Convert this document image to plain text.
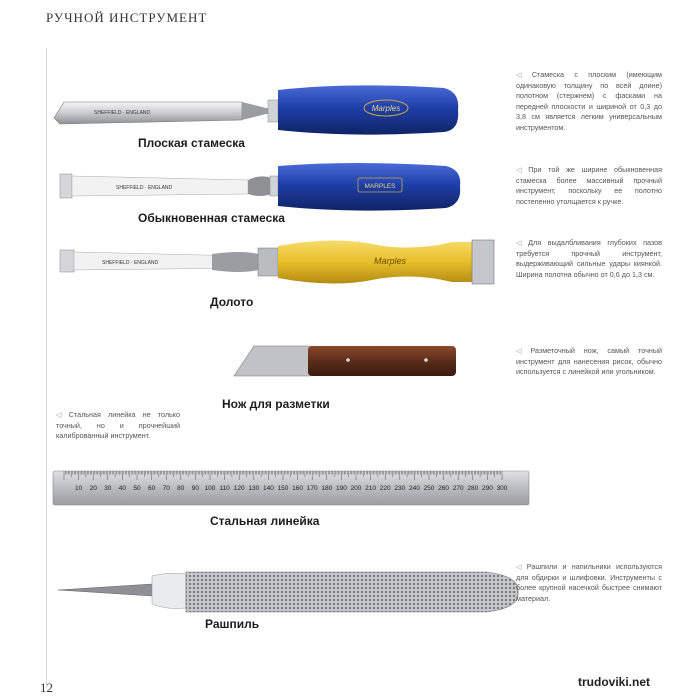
РУЧНОЙ ИНСТРУМЕНТ
SHEFFIELD · ENGLAND	Marples
Плоская стамеска
◁ Стамеска с плоским (имеющим одинаковую толщину по всей длине) полотном (стержнем) с фасками на передней плоскости и шириной от 0,3 до 3,8 см является легким универсальным инструментом.
SHEFFIELD · ENGLAND	MARPLES
Обыкновенная стамеска
◁ При той же ширине обыкновенная стамеска более массивный прочный инструмент, поскольку ее полотно постепенно утолщается к ручке.
SHEFFIELD · ENGLAND	Marples
Долото
◁ Для выдалбливания глубоких пазов требуется прочный инструмент, выдерживающий сильные удары киянкой. Ширина полотна обычно от 0,6 до 1,3 см.
Нож для разметки
◁ Разметочный нож, самый точный инструмент для нанесения рисок, обычно используется с линейкой или угольником.
◁ Стальная линейка не только точный, но и прочнейший калиброванный инструмент.
10 20 30 40 50 60 70 80 90 100 110 120 130 140 150 160 170 180 190 200 210 220 230 240 250 260 270 280 290 300
Стальная линейка
Рашпиль
◁ Рашпили и напильники используются для обдирки и шлифовки. Инструменты с более крупной насечкой быстрее снимают материал.
12	trudoviki.net
